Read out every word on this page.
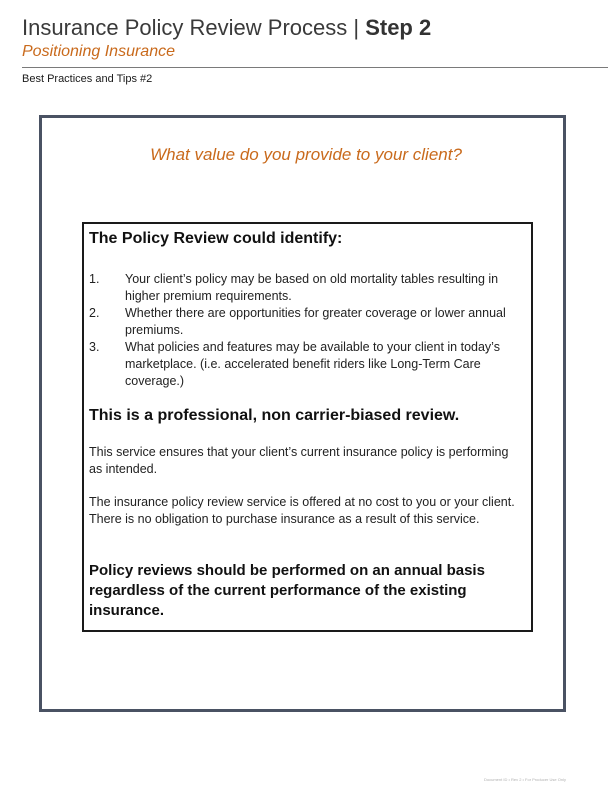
Insurance Policy Review Process | Step 2
Positioning Insurance
Best Practices and Tips #2
What value do you provide to your client?
The Policy Review could identify:
1. Your client’s policy may be based on old mortality tables resulting in higher premium requirements.
2. Whether there are opportunities for greater coverage or lower annual premiums.
3. What policies and features may be available to your client in today’s marketplace. (i.e. accelerated benefit riders like Long-Term Care coverage.)
This is a professional, non carrier-biased review.
This service ensures that your client’s current insurance policy is performing as intended.
The insurance policy review service is offered at no cost to you or your client. There is no obligation to purchase insurance as a result of this service.
Policy reviews should be performed on an annual basis regardless of the current performance of the existing insurance.
Document ID • Rev 2 • For Producer Use Only
